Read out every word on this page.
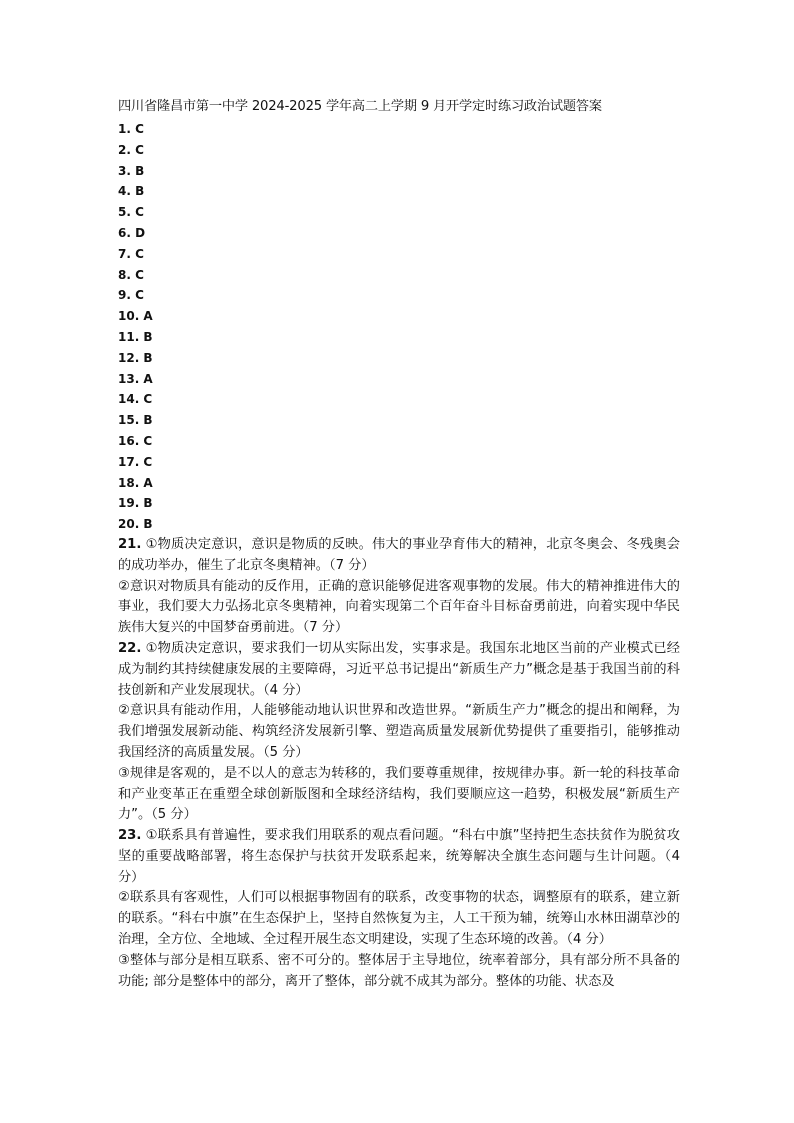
四川省隆昌市第一中学 2024-2025 学年高二上学期 9 月开学定时练习政治试题答案
1. C
2. C
3. B
4. B
5. C
6. D
7. C
8. C
9. C
10. A
11. B
12. B
13. A
14. C
15. B
16. C
17. C
18. A
19. B
20. B
21. ①物质决定意识，意识是物质的反映。伟大的事业孕育伟大的精神，北京冬奥会、冬残奥会的成功举办，催生了北京冬奥精神。（7 分）
②意识对物质具有能动的反作用，正确的意识能够促进客观事物的发展。伟大的精神推进伟大的事业，我们要大力弘扬北京冬奥精神，向着实现第二个百年奋斗目标奋勇前进，向着实现中华民族伟大复兴的中国梦奋勇前进。（7 分）
22. ①物质决定意识，要求我们一切从实际出发，实事求是。我国东北地区当前的产业模式已经成为制约其持续健康发展的主要障碍，习近平总书记提出“新质生产力”概念是基于我国当前的科技创新和产业发展现状。（4 分）
②意识具有能动作用，人能够能动地认识世界和改造世界。“新质生产力”概念的提出和阐释，为我们增强发展新动能、构筑经济发展新引擎、塑造高质量发展新优势提供了重要指引，能够推动我国经济的高质量发展。（5 分）
③规律是客观的，是不以人的意志为转移的，我们要尊重规律，按规律办事。新一轮的科技革命和产业变革正在重塑全球创新版图和全球经济结构，我们要顺应这一趋势，积极发展“新质生产力”。（5 分）
23. ①联系具有普遍性，要求我们用联系的观点看问题。“科右中旗”坚持把生态扶贫作为脱贫攻坚的重要战略部署，将生态保护与扶贫开发联系起来，统筹解决全旗生态问题与生计问题。（4 分）
②联系具有客观性，人们可以根据事物固有的联系，改变事物的状态，调整原有的联系，建立新的联系。“科右中旗”在生态保护上，坚持自然恢复为主，人工干预为辅，统筹山水林田湖草沙的治理，全方位、全地域、全过程开展生态文明建设，实现了生态环境的改善。（4 分）
③整体与部分是相互联系、密不可分的。整体居于主导地位，统率着部分，具有部分所不具备的功能; 部分是整体中的部分，离开了整体，部分就不成其为部分。整体的功能、状态及
